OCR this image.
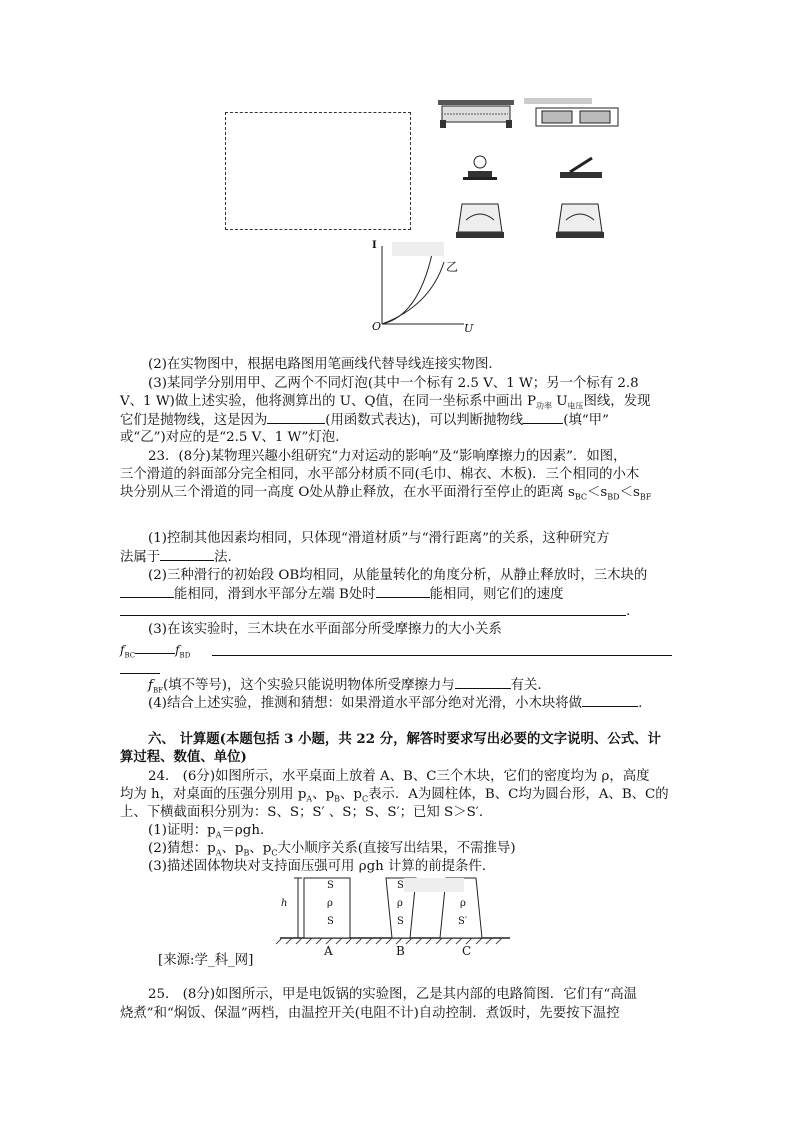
I
乙
O	U
(2)在实物图中，根据电路图用笔画线代替导线连接实物图.
(3)某同学分别用甲、乙两个不同灯泡(其中一个标有 2.5 V、1 W；另一个标有 2.8
V、1 W)做上述实验，他将测算出的 U、Q值，在同一坐标系中画出 $P_{功率}$ $U_{电压}$图线，发现
它们是抛物线，这是因为	(用函数式表达)，可以判断抛物线	(填“甲”
或“乙”)对应的是“2.5 V、1 W”灯泡.
23．(8分)某物理兴趣小组研究“力对运动的影响”及“影响摩擦力的因素”．如图，
三个滑道的斜面部分完全相同，水平部分材质不同(毛巾、棉衣、木板)．三个相同的小木
块分别从三个滑道的同一高度 O处从静止释放，在水平面滑行至停止的距离 $s_{BC}<s_{BD}<s_{BF}$
(1)控制其他因素均相同，只体现“滑道材质”与“滑行距离”的关系，这种研究方
法属于	法.
(2)三种滑行的初始段 OB均相同，从能量转化的角度分析，从静止释放时，三木块的
能相同，滑到水平部分左端 B处时	能相同，则它们的速度
.
(3)在该实验时，三木块在水平面部分所受摩擦力的大小关系
$f_{BC}$	$f_{BD}$
$f_{BF}$(填不等号)，这个实验只能说明物体所受摩擦力与	有关.
(4)结合上述实验，推测和猜想：如果滑道水平部分绝对光滑，小木块将做	.
六、 计算题(本题包括 3 小题，共 22 分，解答时要求写出必要的文字说明、公式、计
算过程、数值、单位)
24． (6分)如图所示，水平桌面上放着 A、B、C三个木块，它们的密度均为 ρ，高度
均为 h，对桌面的压强分别用 $p_A$、$p_B$、$p_C$表示．A为圆柱体，B、C均为圆台形，A、B、C的
上、下横截面积分别为：S、S；S′ 、S；S、S′；已知 S＞S′．
(1)证明：$p_A=\rho gh$.
(2)猜想：$p_A$、$p_B$、$p_C$大小顺序关系(直接写出结果，不需推导)
(3)描述固体物块对支持面压强可用 ρgh 计算的前提条件.
h
S
ρ
S
S
ρ
S
ρ
S′
A	B	C
[来源:学_科_网]
25． (8分)如图所示，甲是电饭锅的实验图，乙是其内部的电路简图．它们有“高温
烧煮”和“焖饭、保温”两档，由温控开关(电阻不计)自动控制．煮饭时，先要按下温控
